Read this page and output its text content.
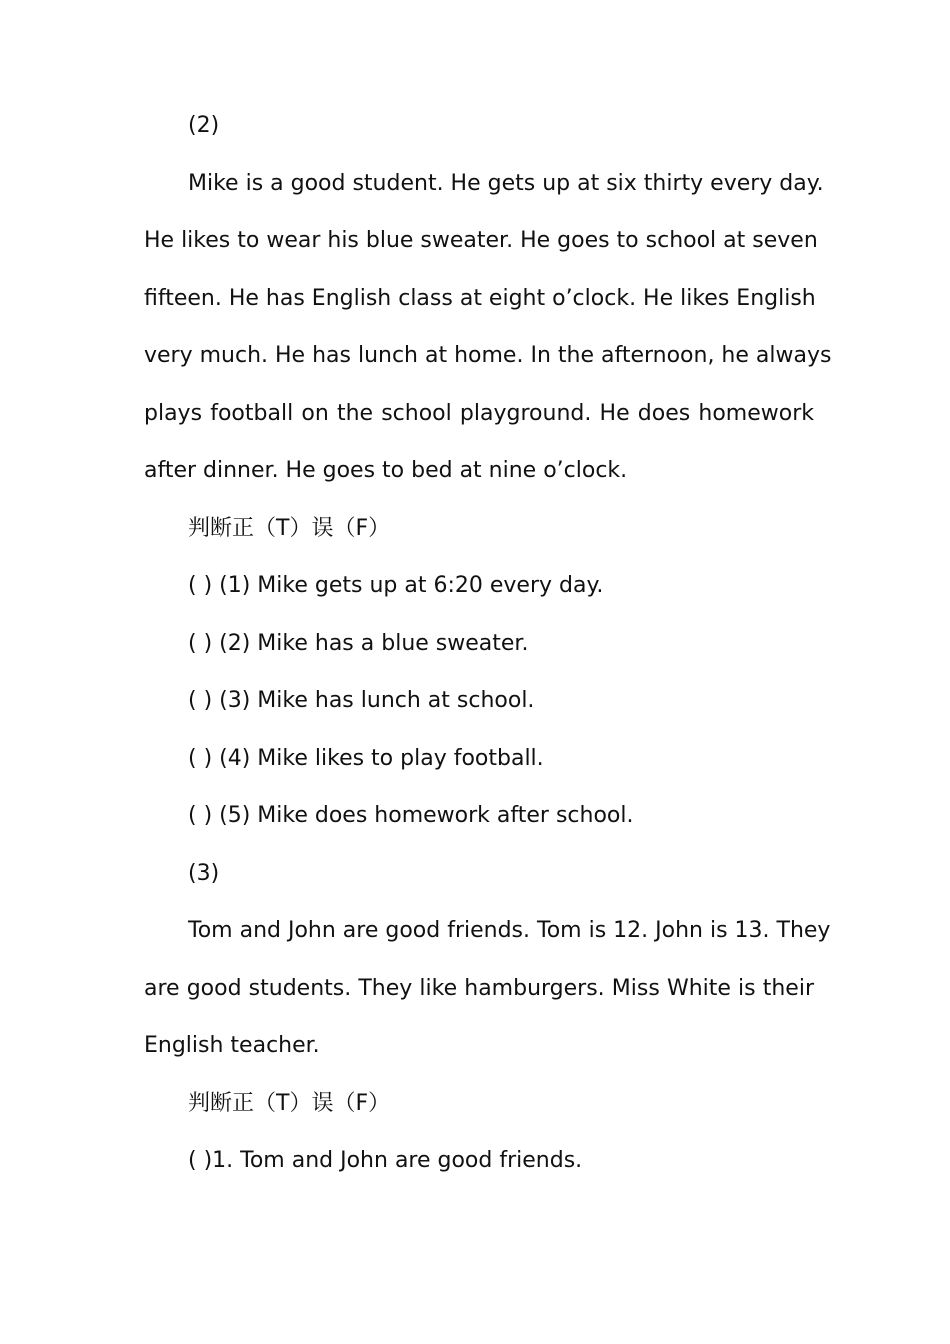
(2)
Mike is a good student. He gets up at six thirty every day.
He likes to wear his blue sweater. He goes to school at seven
fifteen. He has English class at eight o’clock. He likes English
very much. He has lunch at home. In the afternoon, he always
plays football on the school playground. He does homework
after dinner. He goes to bed at nine o’clock.
判断正（T）误（F）
( ) (1) Mike gets up at 6:20 every day.
( ) (2) Mike has a blue sweater.
( ) (3) Mike has lunch at school.
( ) (4) Mike likes to play football.
( ) (5) Mike does homework after school.
(3)
Tom and John are good friends. Tom is 12. John is 13. They
are good students. They like hamburgers. Miss White is their
English teacher.
判断正（T）误（F）
( )1. Tom and John are good friends.
